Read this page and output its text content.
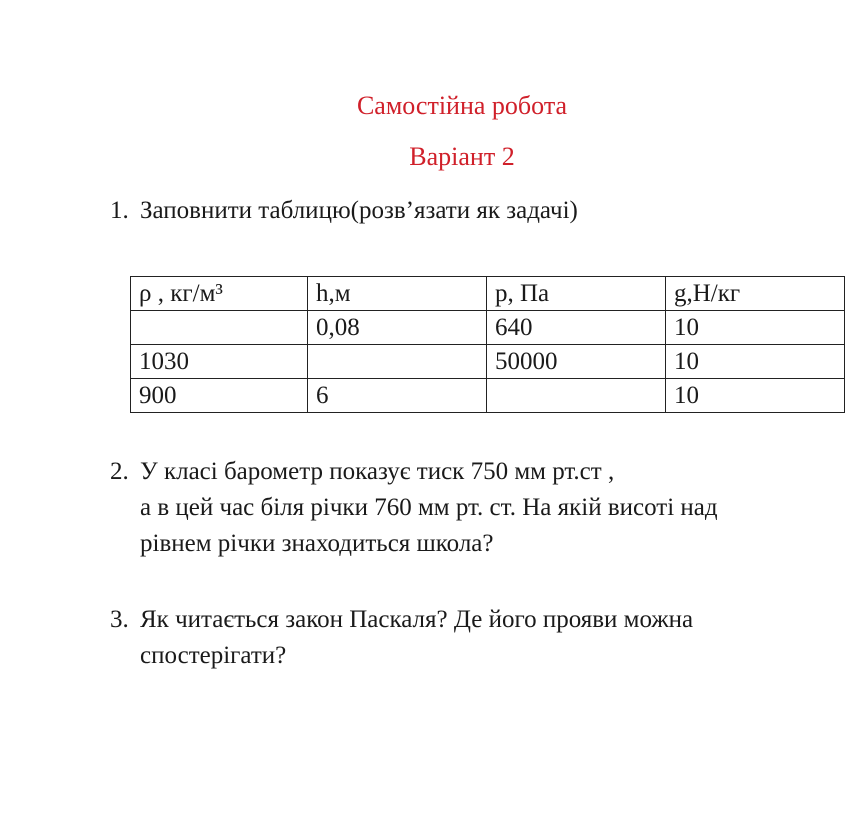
Самостійна робота
Варіант 2
1. Заповнити таблицю(розв’язати як задачі)
ρ , кг/м³	h,м	p, Па	g,Н/кг
	0,08	640	10
1030		50000	10
900	6		10
2. У класі барометр показує тиск 750 мм рт.ст ,
а в цей час біля річки 760 мм рт. ст. На якій висоті над
рівнем річки знаходиться школа?
3. Як читається закон Паскаля? Де його прояви можна
спостерігати?
